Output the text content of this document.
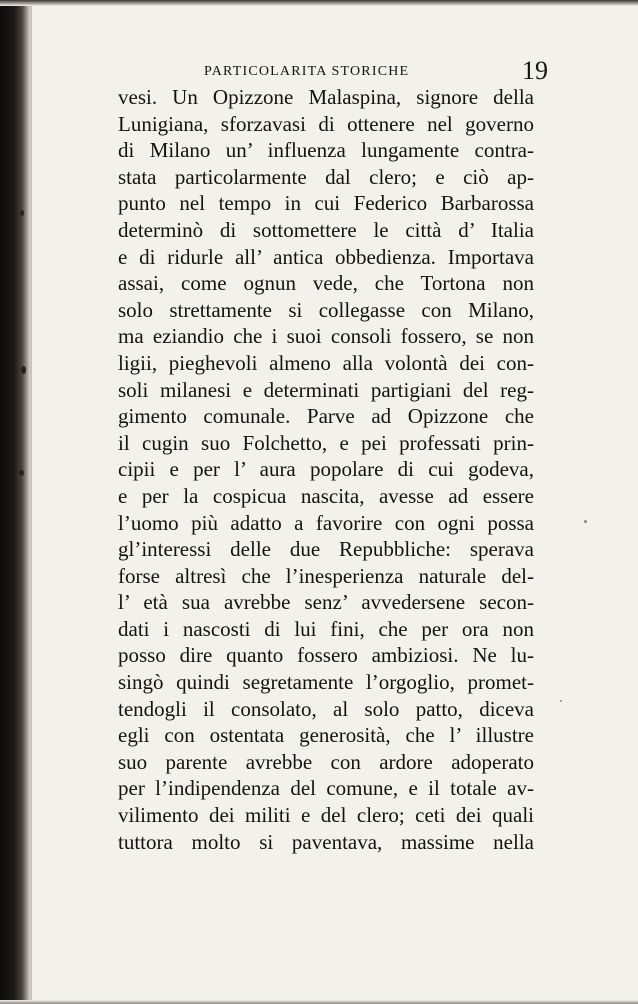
PARTICOLARITA STORICHE	19
vesi. Un Opizzone Malaspina, signore della
Lunigiana, sforzavasi di ottenere nel governo
di Milano un’ influenza lungamente contra-
stata particolarmente dal clero; e ciò ap-
punto nel tempo in cui Federico Barbarossa
determinò di sottomettere le città d’ Italia
e di ridurle all’ antica obbedienza. Importava
assai, come ognun vede, che Tortona non
solo strettamente si collegasse con Milano,
ma eziandio che i suoi consoli fossero, se non
ligii, pieghevoli almeno alla volontà dei con-
soli milanesi e determinati partigiani del reg-
gimento comunale. Parve ad Opizzone che
il cugin suo Folchetto, e pei professati prin-
cipii e per l’ aura popolare di cui godeva,
e per la cospicua nascita, avesse ad essere
l’uomo più adatto a favorire con ogni possa
gl’interessi delle due Repubbliche: sperava
forse altresì che l’inesperienza naturale del-
l’ età sua avrebbe senz’ avvedersene secon-
dati i nascosti di lui fini, che per ora non
posso dire quanto fossero ambiziosi. Ne lu-
singò quindi segretamente l’orgoglio, promet-
tendogli il consolato, al solo patto, diceva
egli con ostentata generosità, che l’ illustre
suo parente avrebbe con ardore adoperato
per l’indipendenza del comune, e il totale av-
vilimento dei militi e del clero; ceti dei quali
tuttora molto si paventava, massime nella
